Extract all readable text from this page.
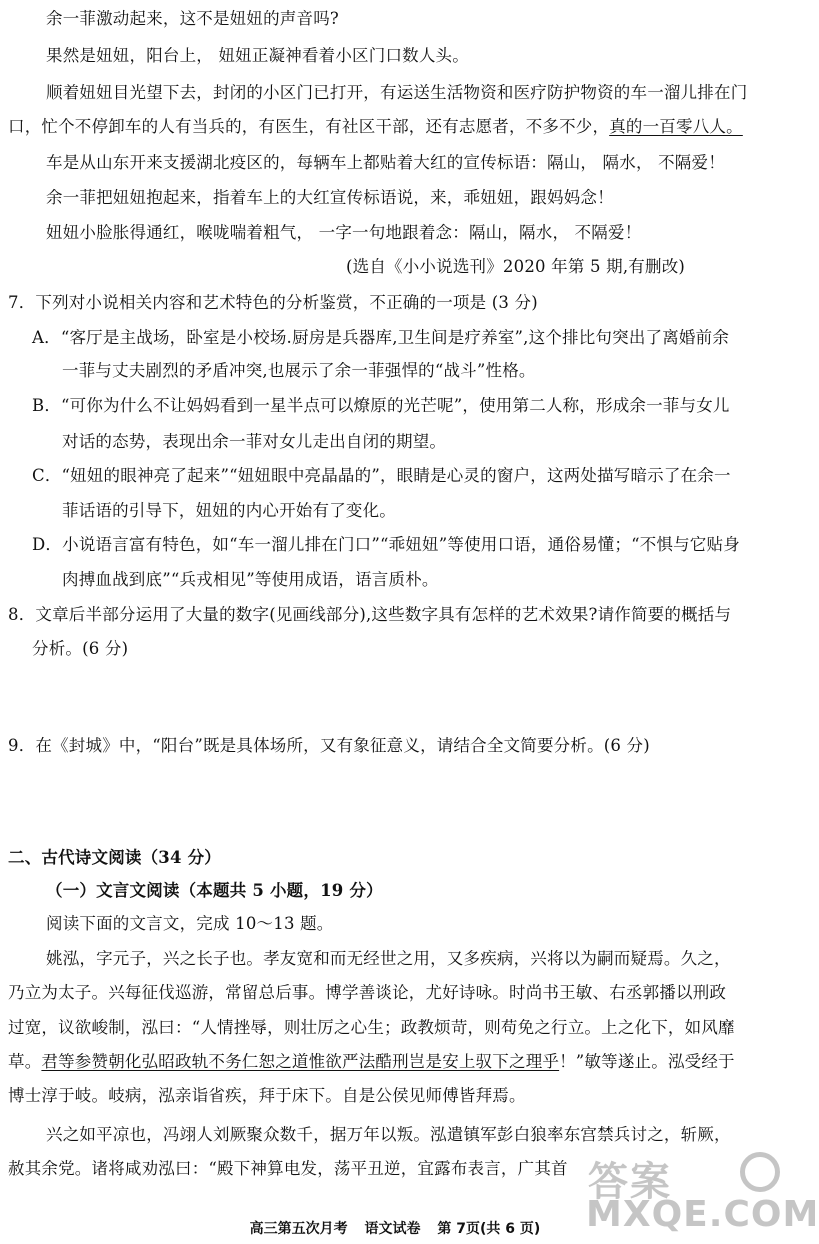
余一菲激动起来，这不是妞妞的声音吗?
果然是妞妞，阳台上， 妞妞正凝神看着小区门口数人头。
顺着妞妞目光望下去，封闭的小区门已打开，有运送生活物资和医疗防护物资的车一溜儿排在门
口，忙个不停卸车的人有当兵的，有医生，有社区干部，还有志愿者，不多不少，真的一百零八人。
车是从山东开来支援湖北疫区的，每辆车上都贴着大红的宣传标语：隔山， 隔水， 不隔爱！
余一菲把妞妞抱起来，指着车上的大红宣传标语说，来，乖妞妞，跟妈妈念！
妞妞小脸胀得通红，喉咙喘着粗气， 一字一句地跟着念：隔山，隔水， 不隔爱！
(选自《小小说选刊》2020 年第 5 期,有删改)
7．下列对小说相关内容和艺术特色的分析鉴赏，不正确的一项是 (3 分)
A．“客厅是主战场，卧室是小校场.厨房是兵器库,卫生间是疗养室”,这个排比句突出了离婚前余
一菲与丈夫剧烈的矛盾冲突,也展示了余一菲强悍的“战斗”性格。
B．“可你为什么不让妈妈看到一星半点可以燎原的光芒呢”，使用第二人称，形成余一菲与女儿
对话的态势，表现出余一菲对女儿走出自闭的期望。
C．“妞妞的眼神亮了起来”“妞妞眼中亮晶晶的”，眼睛是心灵的窗户，这两处描写暗示了在余一
菲话语的引导下，妞妞的内心开始有了变化。
D．小说语言富有特色，如“车一溜儿排在门口”“乖妞妞”等使用口语，通俗易懂；“不惧与它贴身
肉搏血战到底”“兵戎相见”等使用成语，语言质朴。
8．文章后半部分运用了大量的数字(见画线部分),这些数字具有怎样的艺术效果?请作简要的概括与
分析。(6 分)
9．在《封城》中，“阳台”既是具体场所，又有象征意义，请结合全文简要分析。(6 分)
二、古代诗文阅读（34 分）
（一）文言文阅读（本题共 5 小题，19 分）
阅读下面的文言文，完成 10～13 题。
姚泓，字元子，兴之长子也。孝友宽和而无经世之用，又多疾病，兴将以为嗣而疑焉。久之，
乃立为太子。兴每征伐巡游，常留总后事。博学善谈论，尤好诗咏。时尚书王敏、右丞郭播以刑政
过宽，议欲峻制，泓曰：“人情挫辱，则壮厉之心生；政教烦苛，则苟免之行立。上之化下，如风靡
草。君等参赞朝化弘昭政轨不务仁恕之道惟欲严法酷刑岂是安上驭下之理乎！”敏等遂止。泓受经于
博士淳于岐。岐病，泓亲诣省疾，拜于床下。自是公侯见师傅皆拜焉。
兴之如平凉也，冯翊人刘厥聚众数千，据万年以叛。泓遣镇军彭白狼率东宫禁兵讨之，斩厥，
赦其余党。诸将咸劝泓曰：“殿下神算电发，荡平丑逆，宜露布表言，广其首
高三第五次月考 语文试卷 第 7页(共 6 页)
答案
MXQE.COM
